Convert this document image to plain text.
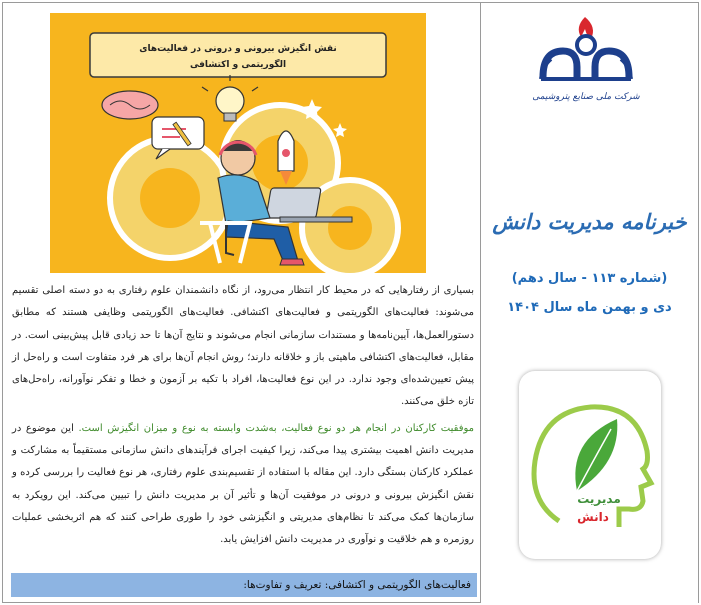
نقش انگیزش بیرونی و درونی در فعالیت‌های
الگوریتمی و اکتشافی

بسیاری از رفتارهایی که در محیط کار انتظار می‌رود، از نگاه دانشمندان علوم رفتاری به دو دسته اصلی تقسیم می‌شوند: فعالیت‌های الگوریتمی و فعالیت‌های اکتشافی. فعالیت‌های الگوریتمی وظایفی هستند که مطابق دستورالعمل‌ها، آیین‌نامه‌ها و مستندات سازمانی انجام می‌شوند و نتایج آن‌ها تا حد زیادی قابل پیش‌بینی است. در مقابل، فعالیت‌های اکتشافی ماهیتی باز و خلاقانه دارند؛ روش انجام آن‌ها برای هر فرد متفاوت است و راه‌حل از پیش تعیین‌شده‌ای وجود ندارد. در این نوع فعالیت‌ها، افراد با تکیه بر آزمون و خطا و تفکر نوآورانه، راه‌حل‌های تازه خلق می‌کنند.

موفقیت کارکنان در انجام هر دو نوع فعالیت، به‌شدت وابسته به نوع و میزان انگیزش است. این موضوع در مدیریت دانش اهمیت بیشتری پیدا می‌کند، زیرا کیفیت اجرای فرآیندهای دانش سازمانی مستقیماً به مشارکت و عملکرد کارکنان بستگی دارد. این مقاله با استفاده از تقسیم‌بندی علوم رفتاری، هر نوع فعالیت را بررسی کرده و نقش انگیزش بیرونی و درونی در موفقیت آن‌ها و تأثیر آن بر مدیریت دانش را تبیین می‌کند. این رویکرد به سازمان‌ها کمک می‌کند تا نظام‌های مدیریتی و انگیزشی خود را طوری طراحی کنند که هم اثربخشی عملیات روزمره و هم خلاقیت و نوآوری در مدیریت دانش افزایش یابد.

فعالیت‌های الگوریتمی و اکتشافی: تعریف و تفاوت‌ها:
شرکت ملی صنایع پتروشیمی
خبرنامه مدیریت دانش
(شماره ۱۱۳ - سال دهم)
دی و بهمن ماه سال ۱۴۰۴
مدیریت
دانش
